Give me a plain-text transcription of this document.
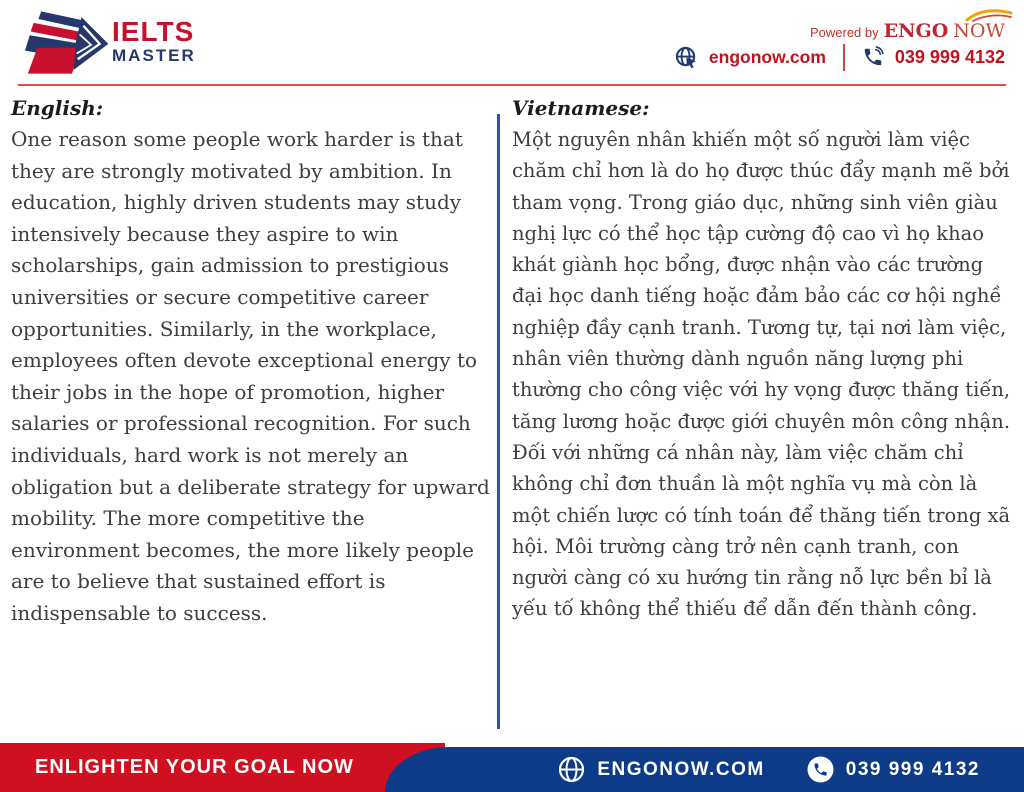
IELTS
MASTER
Powered by ENGO NOW
engonow.com	039 999 4132
English:

One reason some people work harder is that they are strongly motivated by ambition. In education, highly driven students may study intensively because they aspire to win scholarships, gain admission to prestigious universities or secure competitive career opportunities. Similarly, in the workplace, employees often devote exceptional energy to their jobs in the hope of promotion, higher salaries or professional recognition. For such individuals, hard work is not merely an obligation but a deliberate strategy for upward mobility. The more competitive the environment becomes, the more likely people are to believe that sustained effort is indispensable to success.

Vietnamese:

Một nguyên nhân khiến một số người làm việc chăm chỉ hơn là do họ được thúc đẩy mạnh mẽ bởi tham vọng. Trong giáo dục, những sinh viên giàu nghị lực có thể học tập cường độ cao vì họ khao khát giành học bổng, được nhận vào các trường đại học danh tiếng hoặc đảm bảo các cơ hội nghề nghiệp đầy cạnh tranh. Tương tự, tại nơi làm việc, nhân viên thường dành nguồn năng lượng phi thường cho công việc với hy vọng được thăng tiến, tăng lương hoặc được giới chuyên môn công nhận. Đối với những cá nhân này, làm việc chăm chỉ không chỉ đơn thuần là một nghĩa vụ mà còn là một chiến lược có tính toán để thăng tiến trong xã hội. Môi trường càng trở nên cạnh tranh, con người càng có xu hướng tin rằng nỗ lực bền bỉ là yếu tố không thể thiếu để dẫn đến thành công.

ENLIGHTEN YOUR GOAL NOW	ENGONOW.COM	039 999 4132
